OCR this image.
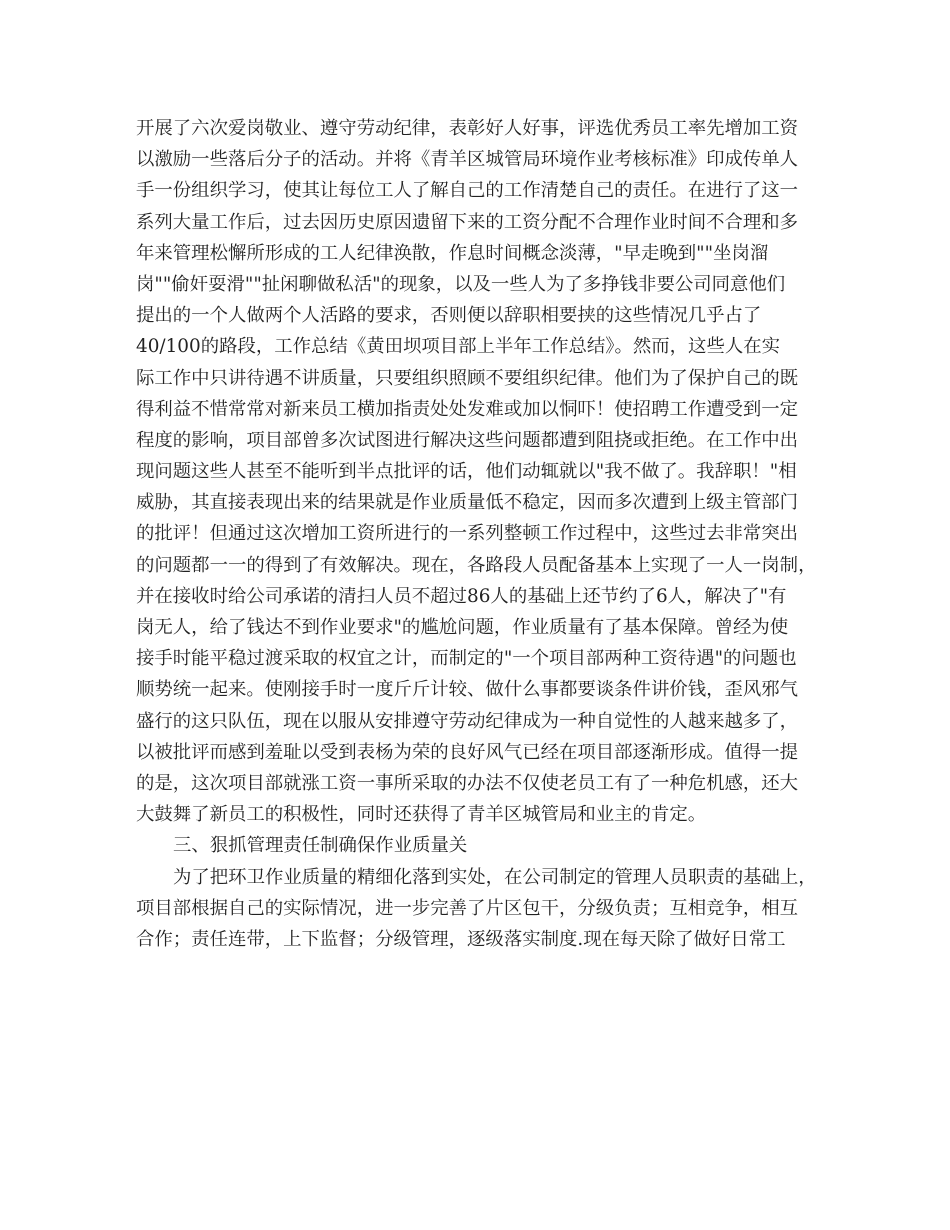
开展了六次爱岗敬业、遵守劳动纪律，表彰好人好事，评选优秀员工率先增加工资
以激励一些落后分子的活动。并将《青羊区城管局环境作业考核标准》印成传单人
手一份组织学习，使其让每位工人了解自己的工作清楚自己的责任。在进行了这一
系列大量工作后，过去因历史原因遗留下来的工资分配不合理作业时间不合理和多
年来管理松懈所形成的工人纪律涣散，作息时间概念淡薄，"早走晚到""坐岗溜
岗""偷奸耍滑""扯闲聊做私活"的现象，以及一些人为了多挣钱非要公司同意他们
提出的一个人做两个人活路的要求，否则便以辞职相要挟的这些情况几乎占了
40/100的路段，工作总结《黄田坝项目部上半年工作总结》。然而，这些人在实
际工作中只讲待遇不讲质量，只要组织照顾不要组织纪律。他们为了保护自己的既
得利益不惜常常对新来员工横加指责处处发难或加以恫吓！使招聘工作遭受到一定
程度的影响，项目部曾多次试图进行解决这些问题都遭到阻挠或拒绝。在工作中出
现问题这些人甚至不能听到半点批评的话，他们动辄就以"我不做了。我辞职！"相
威胁，其直接表现出来的结果就是作业质量低不稳定，因而多次遭到上级主管部门
的批评！但通过这次增加工资所进行的一系列整顿工作过程中，这些过去非常突出
的问题都一一的得到了有效解决。现在，各路段人员配备基本上实现了一人一岗制，
并在接收时给公司承诺的清扫人员不超过86人的基础上还节约了6人，解决了"有
岗无人，给了钱达不到作业要求"的尴尬问题，作业质量有了基本保障。曾经为使
接手时能平稳过渡采取的权宜之计，而制定的"一个项目部两种工资待遇"的问题也
顺势统一起来。使刚接手时一度斤斤计较、做什么事都要谈条件讲价钱，歪风邪气
盛行的这只队伍，现在以服从安排遵守劳动纪律成为一种自觉性的人越来越多了，
以被批评而感到羞耻以受到表杨为荣的良好风气已经在项目部逐渐形成。值得一提
的是，这次项目部就涨工资一事所采取的办法不仅使老员工有了一种危机感，还大
大鼓舞了新员工的积极性，同时还获得了青羊区城管局和业主的肯定。
三、狠抓管理责任制确保作业质量关
为了把环卫作业质量的精细化落到实处，在公司制定的管理人员职责的基础上，
项目部根据自己的实际情况，进一步完善了片区包干，分级负责；互相竞争，相互
合作；责任连带，上下监督；分级管理，逐级落实制度.现在每天除了做好日常工
